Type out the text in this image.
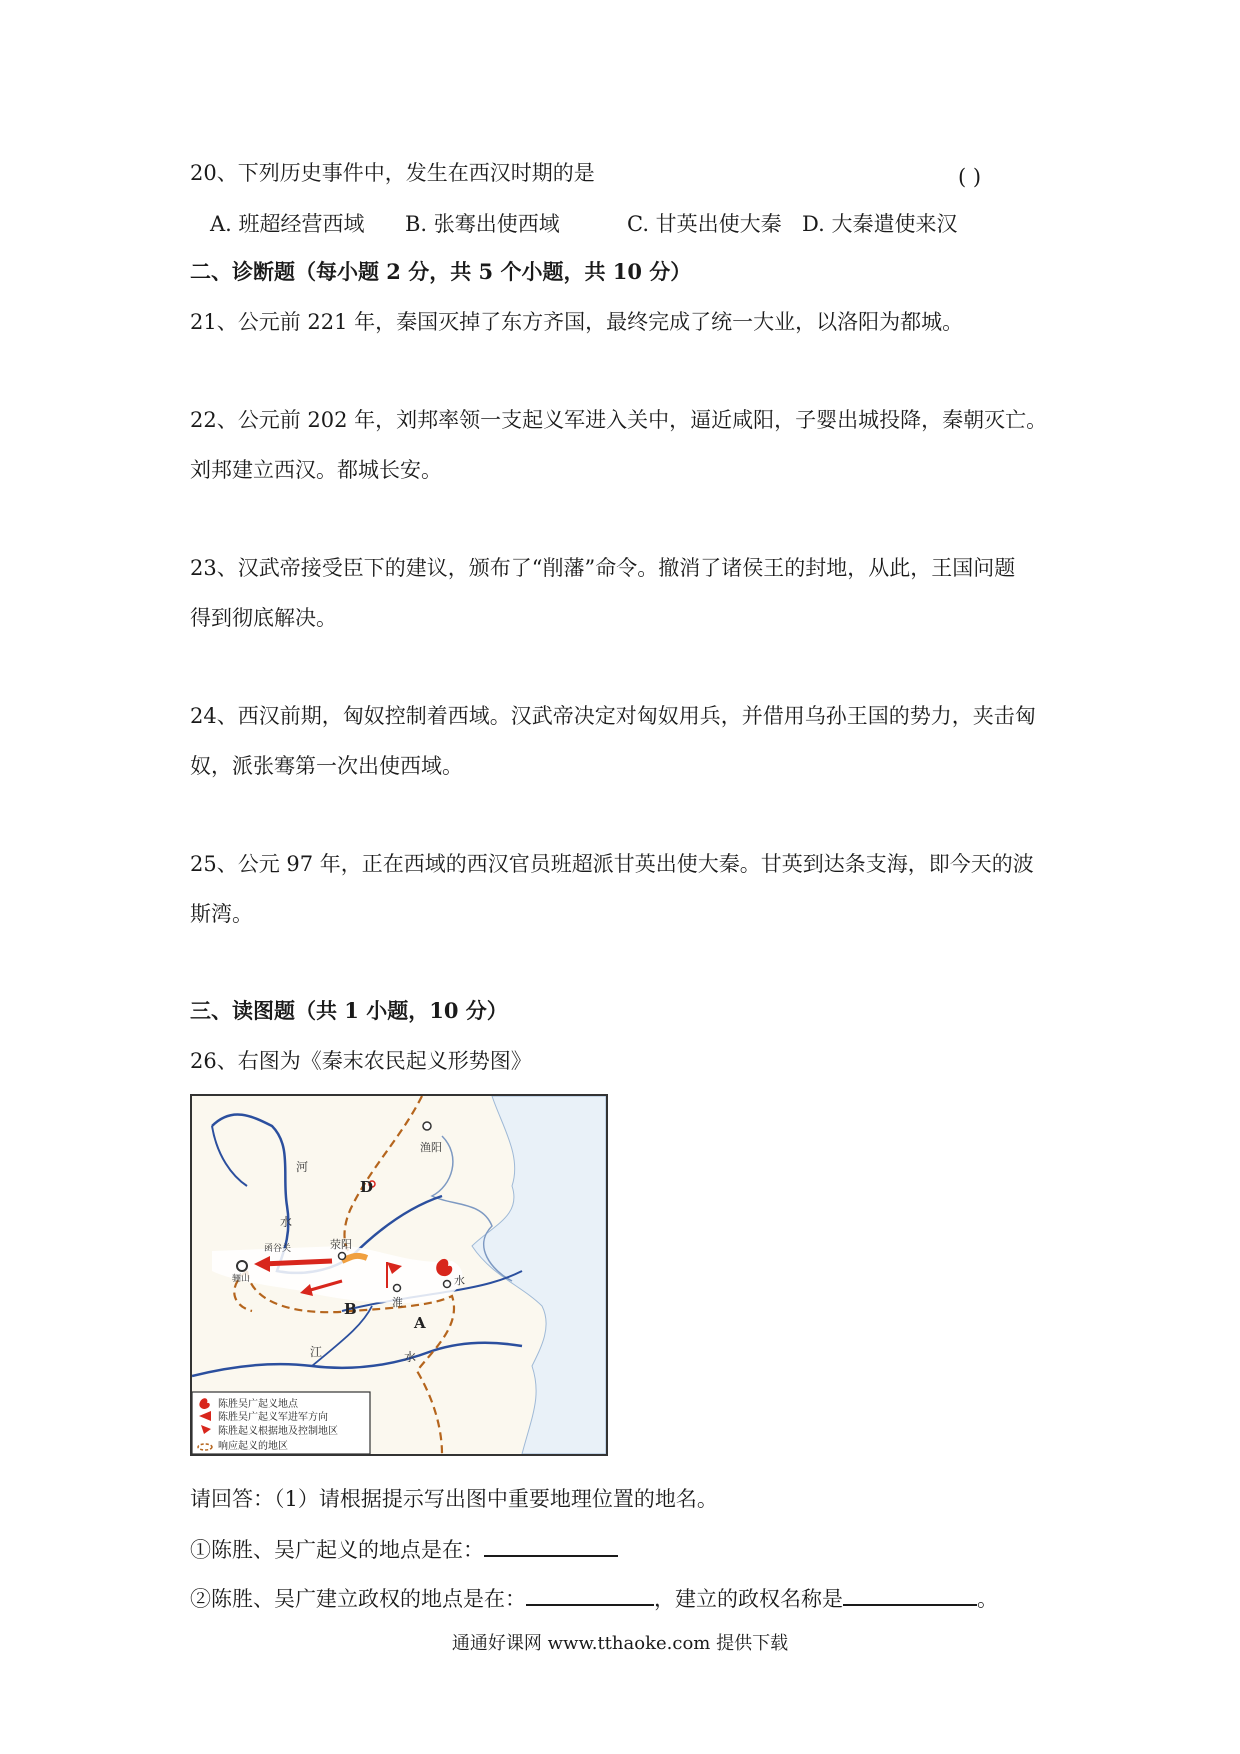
20、下列历史事件中，发生在西汉时期的是	( )
A. 班超经营西域 B. 张骞出使西域	C. 甘英出使大秦 D. 大秦遣使来汉
二、诊断题（每小题 2 分，共 5 个小题，共 10 分）
21、公元前 221 年，秦国灭掉了东方齐国，最终完成了统一大业，以洛阳为都城。
22、公元前 202 年，刘邦率领一支起义军进入关中，逼近咸阳，子婴出城投降，秦朝灭亡。
刘邦建立西汉。都城长安。
23、汉武帝接受臣下的建议，颁布了“削藩”命令。撤消了诸侯王的封地，从此，王国问题
得到彻底解决。
24、西汉前期，匈奴控制着西域。汉武帝决定对匈奴用兵，并借用乌孙王国的势力，夹击匈
奴，派张骞第一次出使西域。
25、公元 97 年，正在西域的西汉官员班超派甘英出使大秦。甘英到达条支海，即今天的波
斯湾。
三、读图题（共 1 小题，10 分）
26、右图为《秦末农民起义形势图》
渔阳
河
水
荥阳
函谷关
骊山
D
B
A
淮
水
江	水
陈胜吴广起义地点
陈胜吴广起义军进军方向
陈胜起义根据地及控制地区
响应起义的地区
请回答：（1）请根据提示写出图中重要地理位置的地名。
①陈胜、吴广起义的地点是在：
②陈胜、吴广建立政权的地点是在：	，建立的政权名称是	。
通通好课网 www.tthaoke.com 提供下载
